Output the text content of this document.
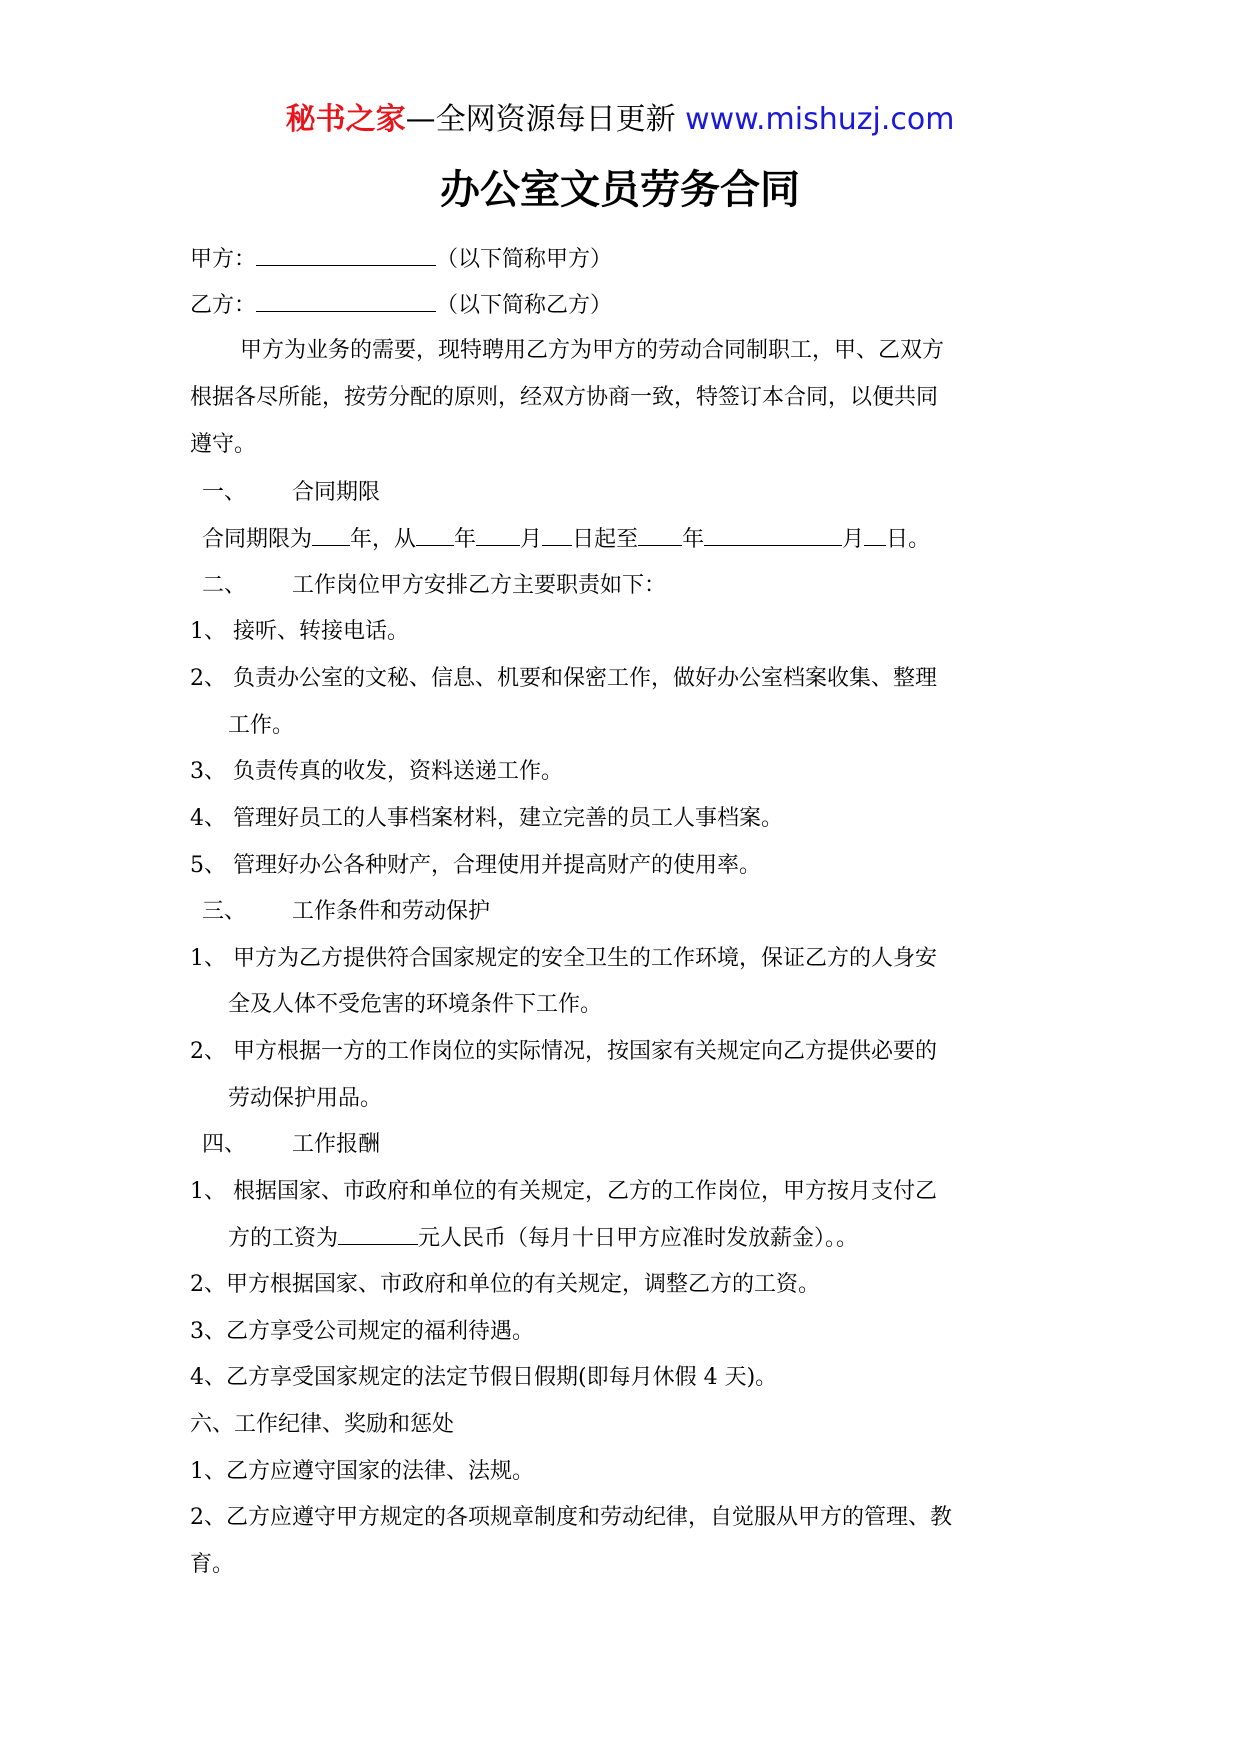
秘书之家—全网资源每日更新 www.mishuzj.com
办公室文员劳务合同
甲方：	（以下简称甲方）
乙方：	（以下简称乙方）
甲方为业务的需要，现特聘用乙方为甲方的劳动合同制职工，甲、乙双方
根据各尽所能，按劳分配的原则，经双方协商一致，特签订本合同，以便共同
遵守。
一、 合同期限
合同期限为 年，从 年 月 日起至 年	月 日。
二、 工作岗位甲方安排乙方主要职责如下：
1、 接听、转接电话。
2、 负责办公室的文秘、信息、机要和保密工作，做好办公室档案收集、整理
工作。
3、 负责传真的收发，资料送递工作。
4、 管理好员工的人事档案材料，建立完善的员工人事档案。
5、 管理好办公各种财产，合理使用并提高财产的使用率。
三、 工作条件和劳动保护
1、 甲方为乙方提供符合国家规定的安全卫生的工作环境，保证乙方的人身安
全及人体不受危害的环境条件下工作。
2、 甲方根据一方的工作岗位的实际情况，按国家有关规定向乙方提供必要的
劳动保护用品。
四、 工作报酬
1、 根据国家、市政府和单位的有关规定，乙方的工作岗位，甲方按月支付乙
方的工资为	元人民币（每月十日甲方应准时发放薪金）。。
2、甲方根据国家、市政府和单位的有关规定，调整乙方的工资。
3、乙方享受公司规定的福利待遇。
4、乙方享受国家规定的法定节假日假期(即每月休假 4 天)。
六、工作纪律、奖励和惩处
1、乙方应遵守国家的法律、法规。
2、乙方应遵守甲方规定的各项规章制度和劳动纪律，自觉服从甲方的管理、教
育。
